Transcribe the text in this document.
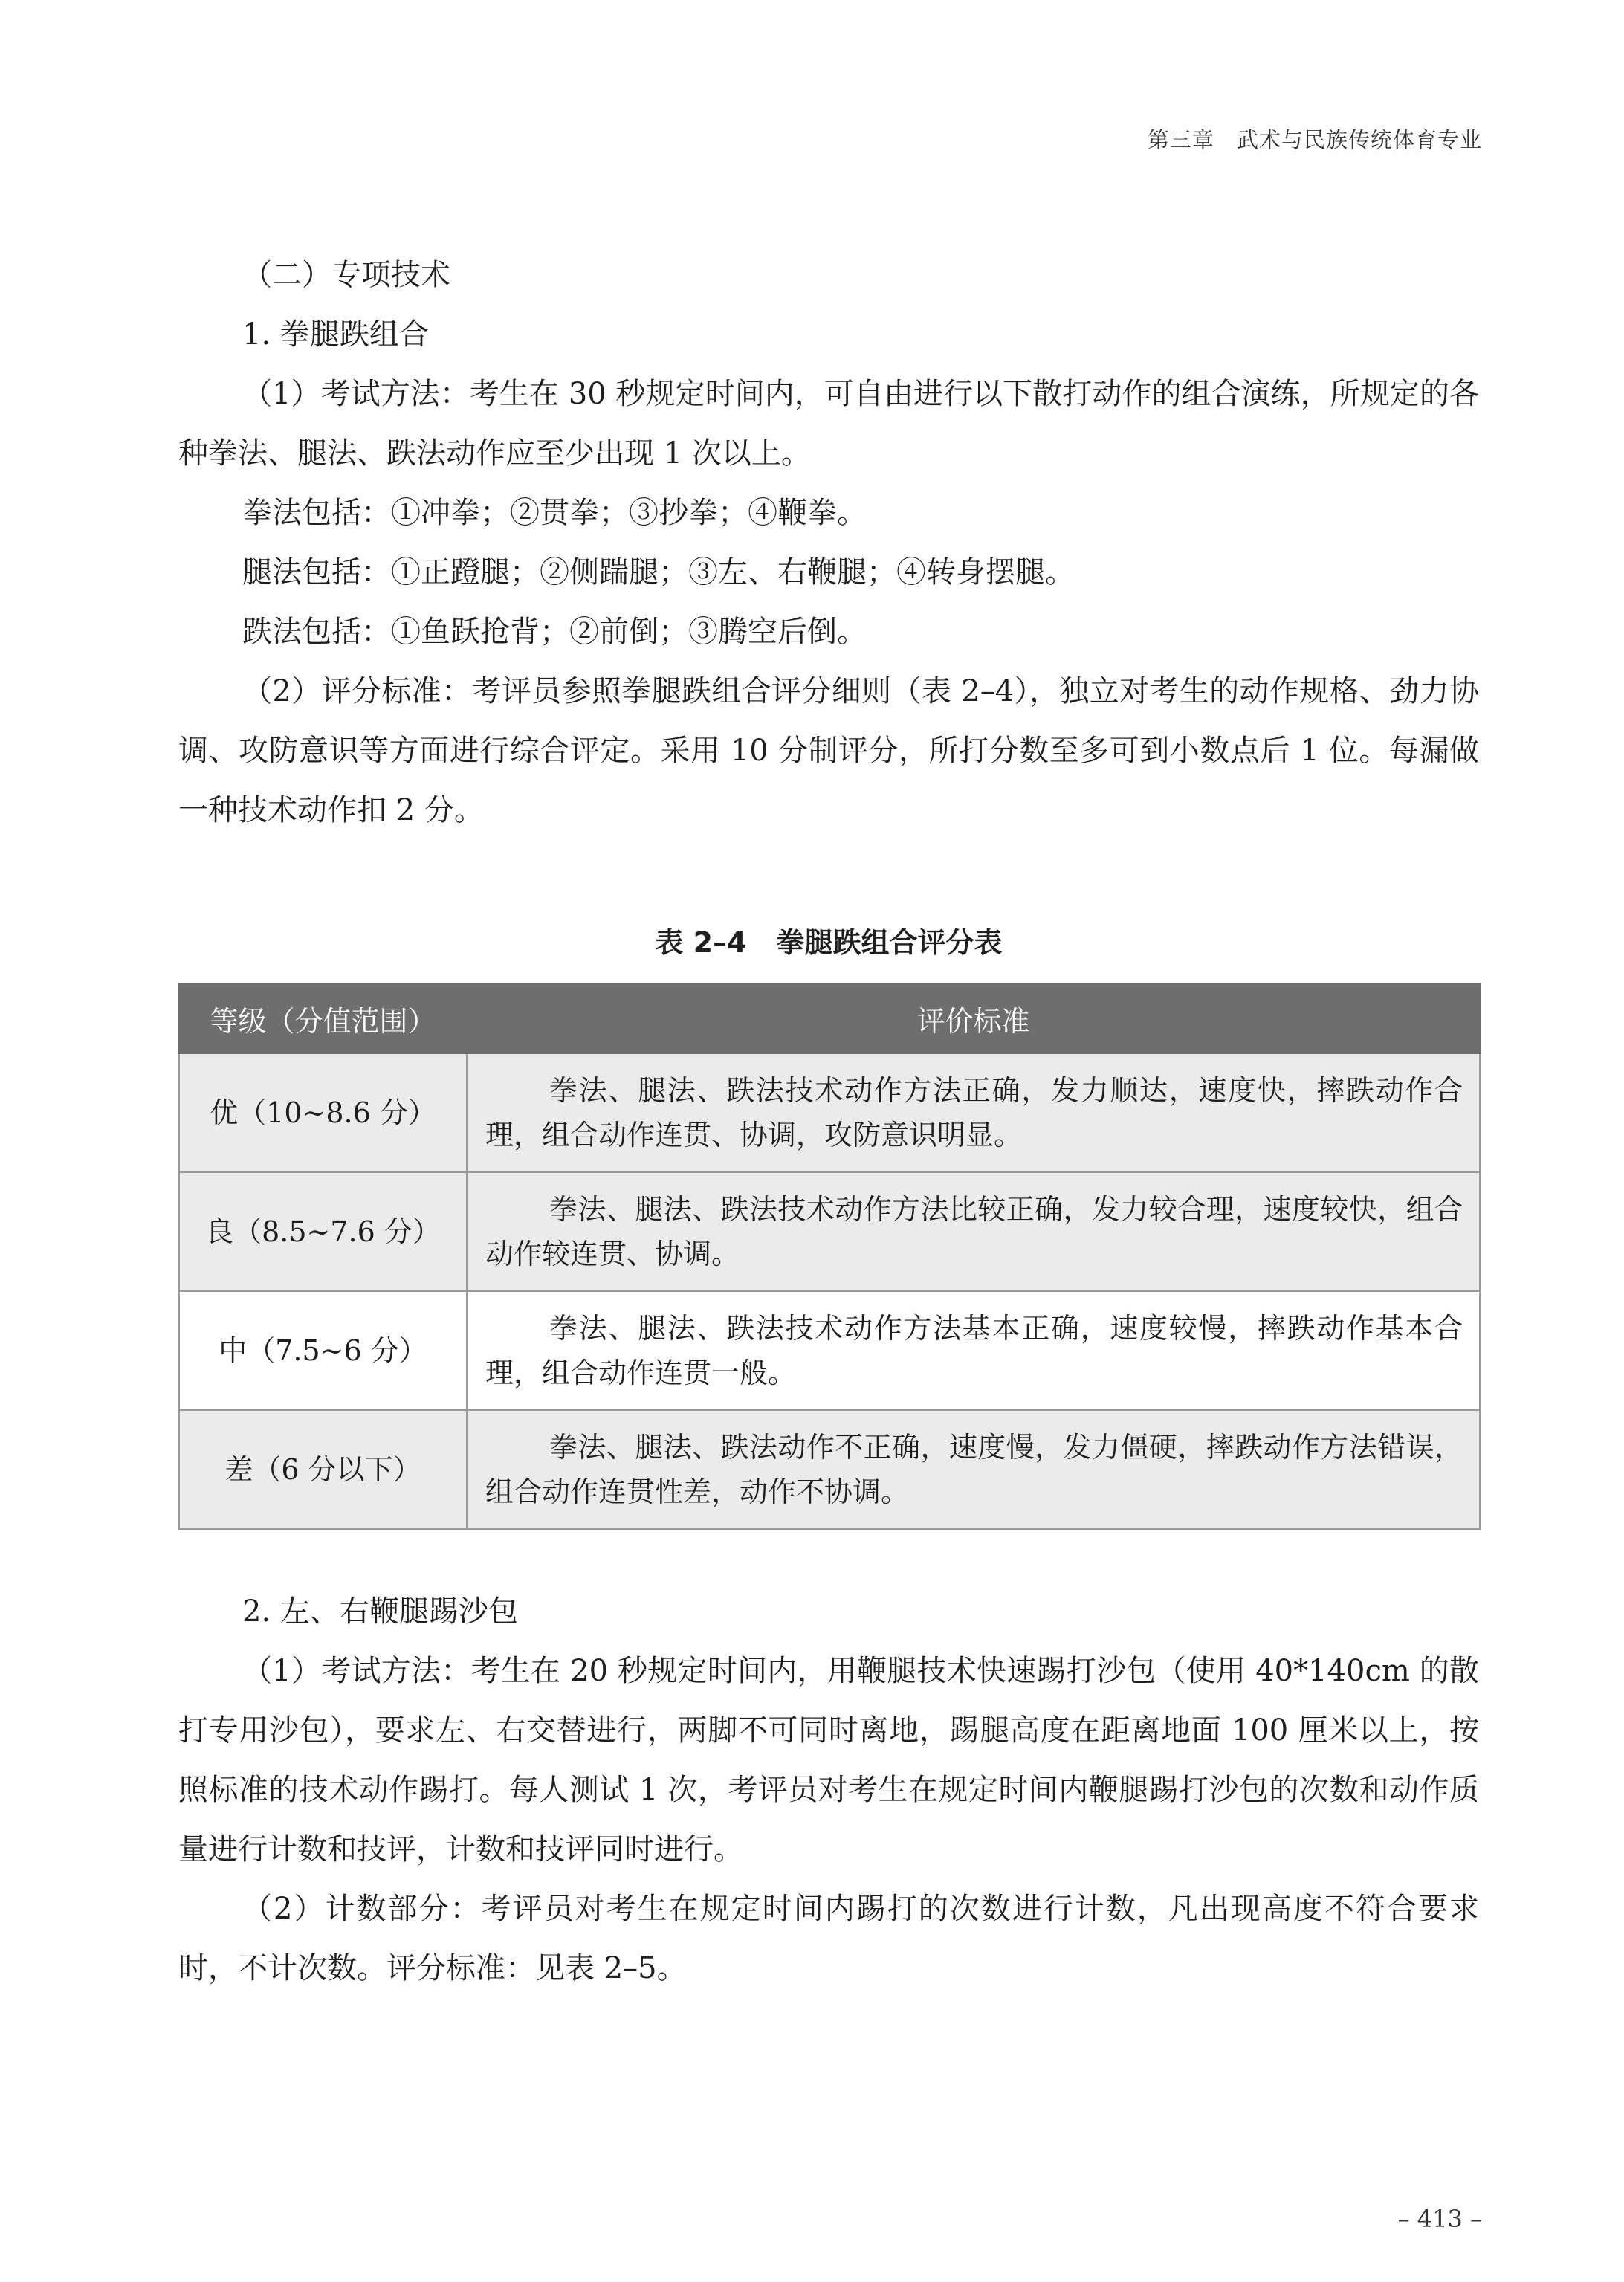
第三章　武术与民族传统体育专业

（二）专项技术

1. 拳腿跌组合

（1）考试方法：考生在 30 秒规定时间内，可自由进行以下散打动作的组合演练，所规定的各种拳法、腿法、跌法动作应至少出现 1 次以上。

拳法包括：①冲拳；②贯拳；③抄拳；④鞭拳。

腿法包括：①正蹬腿；②侧踹腿；③左、右鞭腿；④转身摆腿。

跌法包括：①鱼跃抢背；②前倒；③腾空后倒。

（2）评分标准：考评员参照拳腿跌组合评分细则（表 2–4），独立对考生的动作规格、劲力协调、攻防意识等方面进行综合评定。采用 10 分制评分，所打分数至多可到小数点后 1 位。每漏做一种技术动作扣 2 分。

表 2–4 拳腿跌组合评分表
等级（分值范围）	评价标准
优（10~8.6 分）	拳法、腿法、跌法技术动作方法正确，发力顺达，速度快，摔跌动作合理，组合动作连贯、协调，攻防意识明显。
良（8.5~7.6 分）	拳法、腿法、跌法技术动作方法比较正确，发力较合理，速度较快，组合动作较连贯、协调。
中（7.5~6 分）	拳法、腿法、跌法技术动作方法基本正确，速度较慢，摔跌动作基本合理，组合动作连贯一般。
差（6 分以下）	拳法、腿法、跌法动作不正确，速度慢，发力僵硬，摔跌动作方法错误，组合动作连贯性差，动作不协调。

2. 左、右鞭腿踢沙包

（1）考试方法：考生在 20 秒规定时间内，用鞭腿技术快速踢打沙包（使用 40*140cm 的散打专用沙包），要求左、右交替进行，两脚不可同时离地，踢腿高度在距离地面 100 厘米以上，按照标准的技术动作踢打。每人测试 1 次，考评员对考生在规定时间内鞭腿踢打沙包的次数和动作质量进行计数和技评，计数和技评同时进行。

（2）计数部分：考评员对考生在规定时间内踢打的次数进行计数，凡出现高度不符合要求时，不计次数。评分标准：见表 2–5。

– 413 –
